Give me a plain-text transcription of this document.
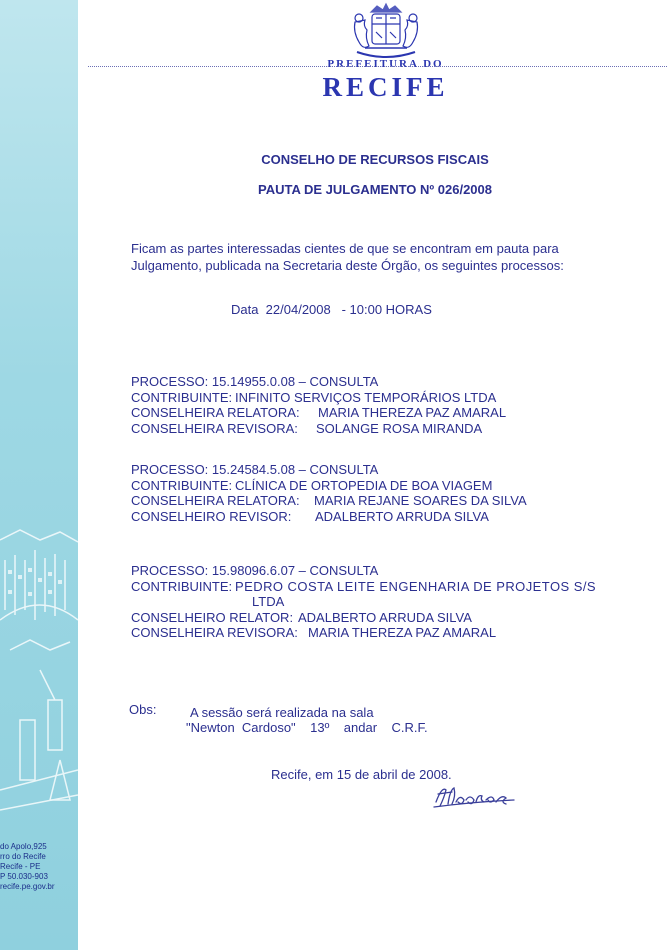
do Apolo,925
rro do Recife
Recife - PE
P 50.030-903
recife.pe.gov.br
PREFEITURA DO
RECIFE
CONSELHO DE RECURSOS FISCAIS
PAUTA DE JULGAMENTO Nº 026/2008
Ficam as partes interessadas cientes de que se encontram em pauta para
Julgamento, publicada na Secretaria deste Órgão, os seguintes processos:
Data  22/04/2008   - 10:00 HORAS
PROCESSO: 15.14955.0.08 – CONSULTA
CONTRIBUINTE: INFINITO SERVIÇOS TEMPORÁRIOS LTDA
CONSELHEIRA RELATORA: MARIA THEREZA PAZ AMARAL
CONSELHEIRA REVISORA: SOLANGE ROSA MIRANDA
PROCESSO: 15.24584.5.08 – CONSULTA
CONTRIBUINTE: CLÍNICA DE ORTOPEDIA DE BOA VIAGEM
CONSELHEIRA RELATORA: MARIA REJANE SOARES DA SILVA
CONSELHEIRO REVISOR: ADALBERTO ARRUDA SILVA
PROCESSO: 15.98096.6.07 – CONSULTA
CONTRIBUINTE: PEDRO COSTA LEITE ENGENHARIA DE PROJETOS S/S
LTDA
CONSELHEIRO RELATOR: ADALBERTO ARRUDA SILVA
CONSELHEIRA REVISORA: MARIA THEREZA PAZ AMARAL
Obs:	A sessão será realizada na sala
"Newton  Cardoso"    13º    andar    C.R.F.
Recife, em 15 de abril de 2008.
